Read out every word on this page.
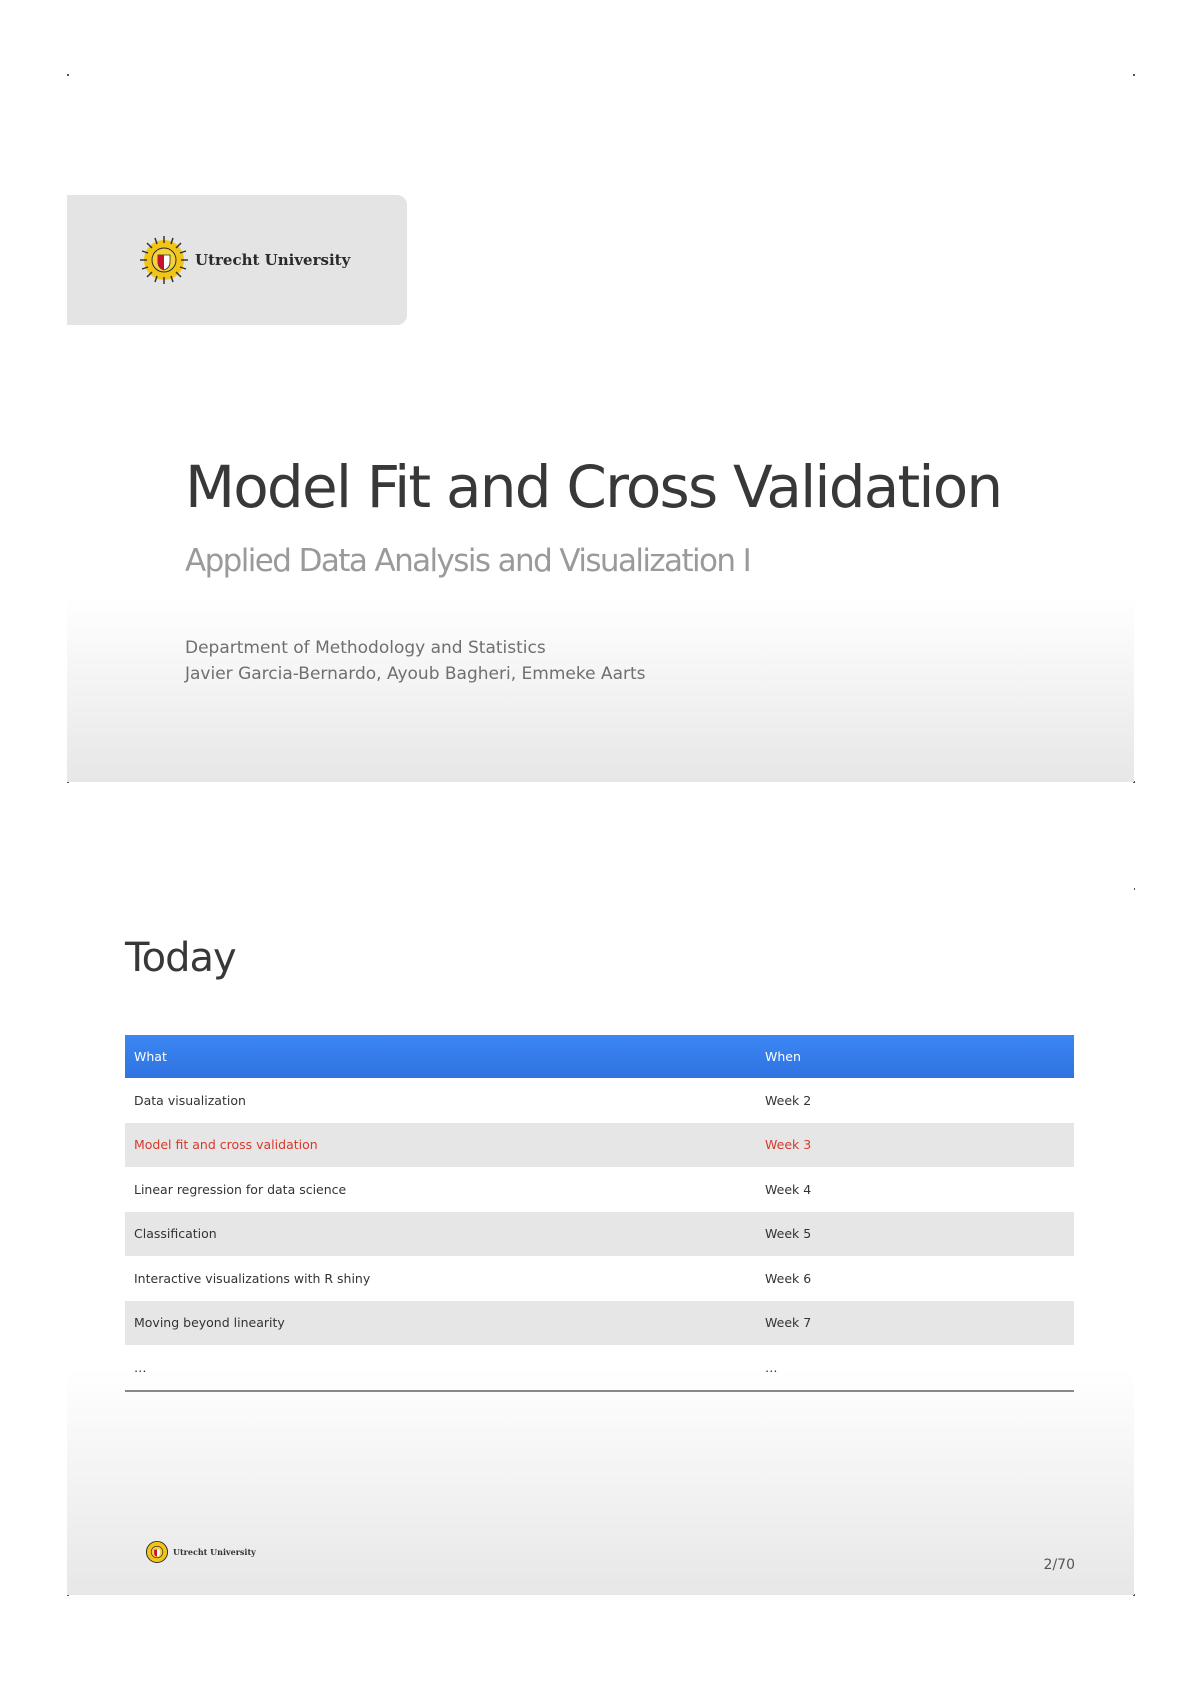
Utrecht University
Model Fit and Cross Validation
Applied Data Analysis and Visualization I
Department of Methodology and Statistics
Javier Garcia-Bernardo, Ayoub Bagheri, Emmeke Aarts
Today
What	When
Data visualization	Week 2
Model fit and cross validation	Week 3
Linear regression for data science	Week 4
Classification	Week 5
Interactive visualizations with R shiny	Week 6
Moving beyond linearity	Week 7
…	…
Utrecht University
2/70
